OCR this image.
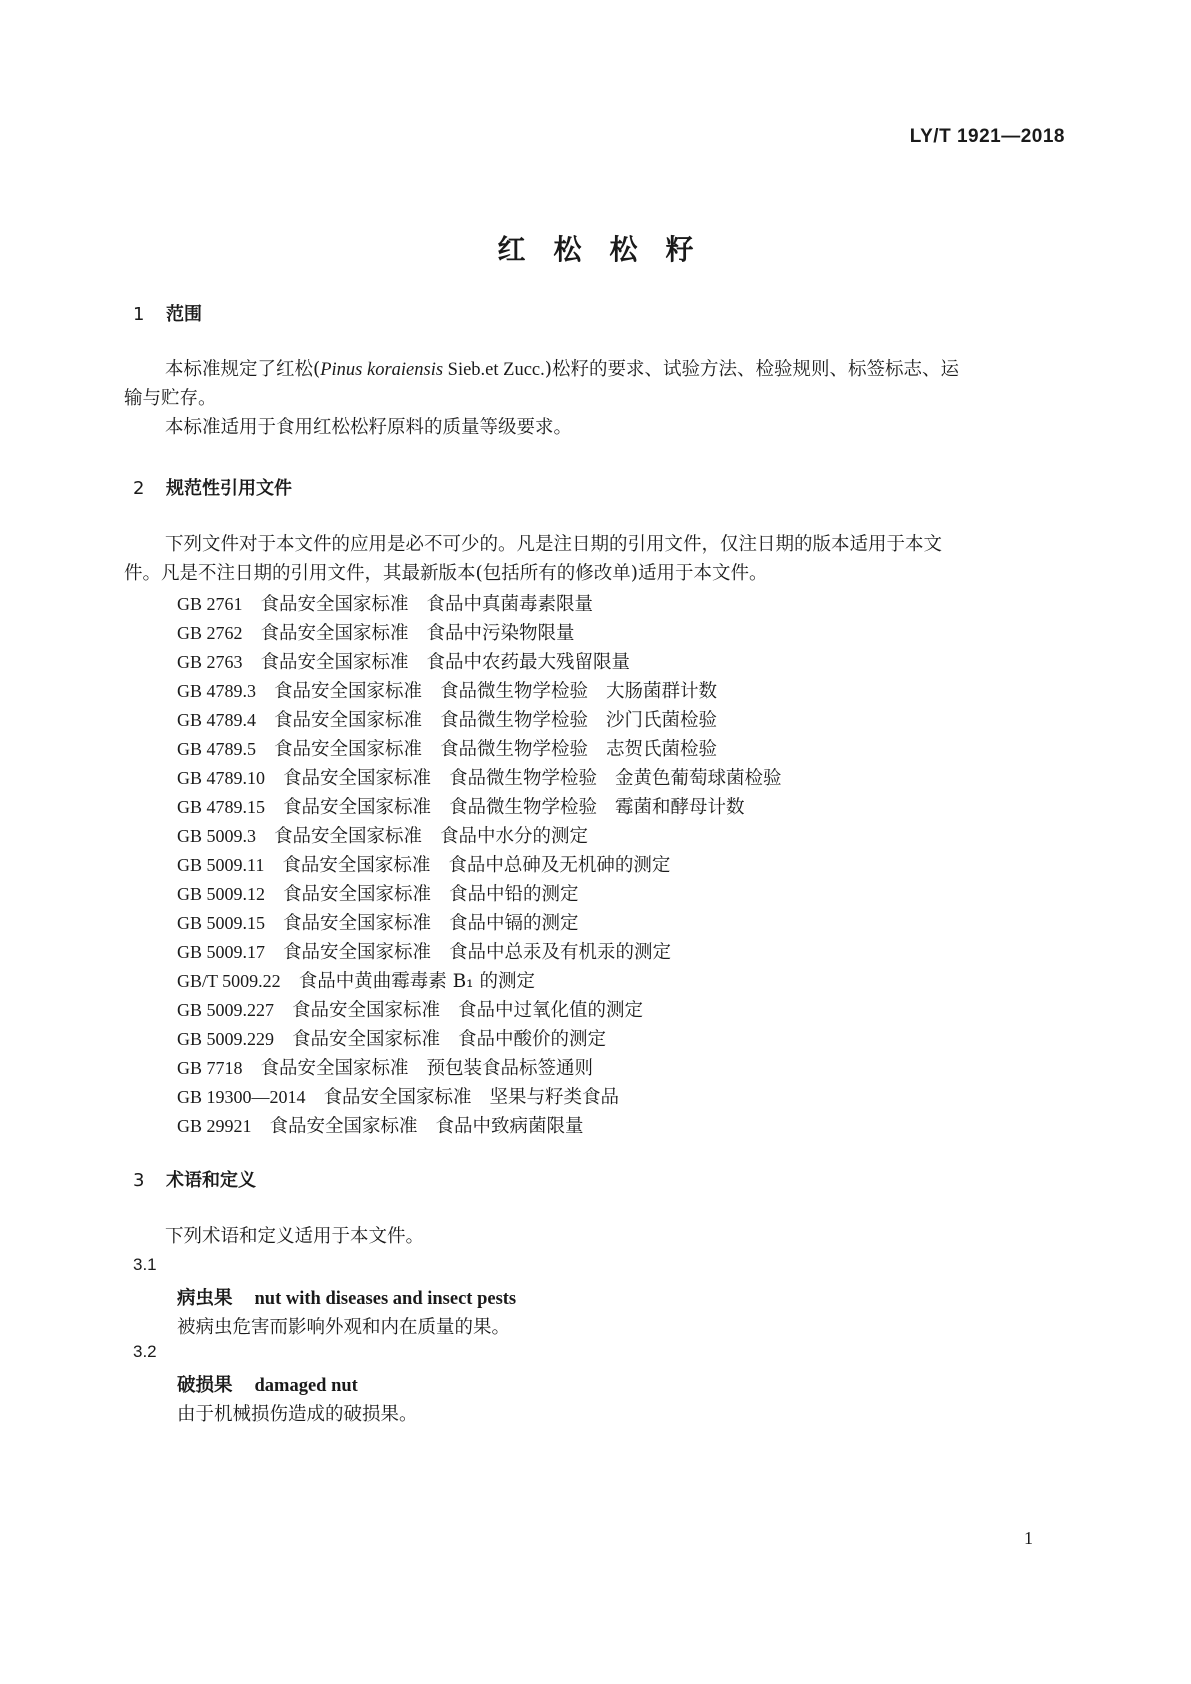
LY/T 1921—2018
红松松籽
1 范围
本标准规定了红松(Pinus koraiensis Sieb.et Zucc.)松籽的要求、试验方法、检验规则、标签标志、运
输与贮存。
本标准适用于食用红松松籽原料的质量等级要求。
2 规范性引用文件
下列文件对于本文件的应用是必不可少的。凡是注日期的引用文件，仅注日期的版本适用于本文
件。凡是不注日期的引用文件，其最新版本(包括所有的修改单)适用于本文件。
GB 2761 食品安全国家标准 食品中真菌毒素限量
GB 2762 食品安全国家标准 食品中污染物限量
GB 2763 食品安全国家标准 食品中农药最大残留限量
GB 4789.3 食品安全国家标准 食品微生物学检验 大肠菌群计数
GB 4789.4 食品安全国家标准 食品微生物学检验 沙门氏菌检验
GB 4789.5 食品安全国家标准 食品微生物学检验 志贺氏菌检验
GB 4789.10 食品安全国家标准 食品微生物学检验 金黄色葡萄球菌检验
GB 4789.15 食品安全国家标准 食品微生物学检验 霉菌和酵母计数
GB 5009.3 食品安全国家标准 食品中水分的测定
GB 5009.11 食品安全国家标准 食品中总砷及无机砷的测定
GB 5009.12 食品安全国家标准 食品中铅的测定
GB 5009.15 食品安全国家标准 食品中镉的测定
GB 5009.17 食品安全国家标准 食品中总汞及有机汞的测定
GB/T 5009.22 食品中黄曲霉毒素 B₁ 的测定
GB 5009.227 食品安全国家标准 食品中过氧化值的测定
GB 5009.229 食品安全国家标准 食品中酸价的测定
GB 7718 食品安全国家标准 预包装食品标签通则
GB 19300—2014 食品安全国家标准 坚果与籽类食品
GB 29921 食品安全国家标准 食品中致病菌限量
3 术语和定义
下列术语和定义适用于本文件。
3.1
病虫果 nut with diseases and insect pests
被病虫危害而影响外观和内在质量的果。
3.2
破损果 damaged nut
由于机械损伤造成的破损果。
1
